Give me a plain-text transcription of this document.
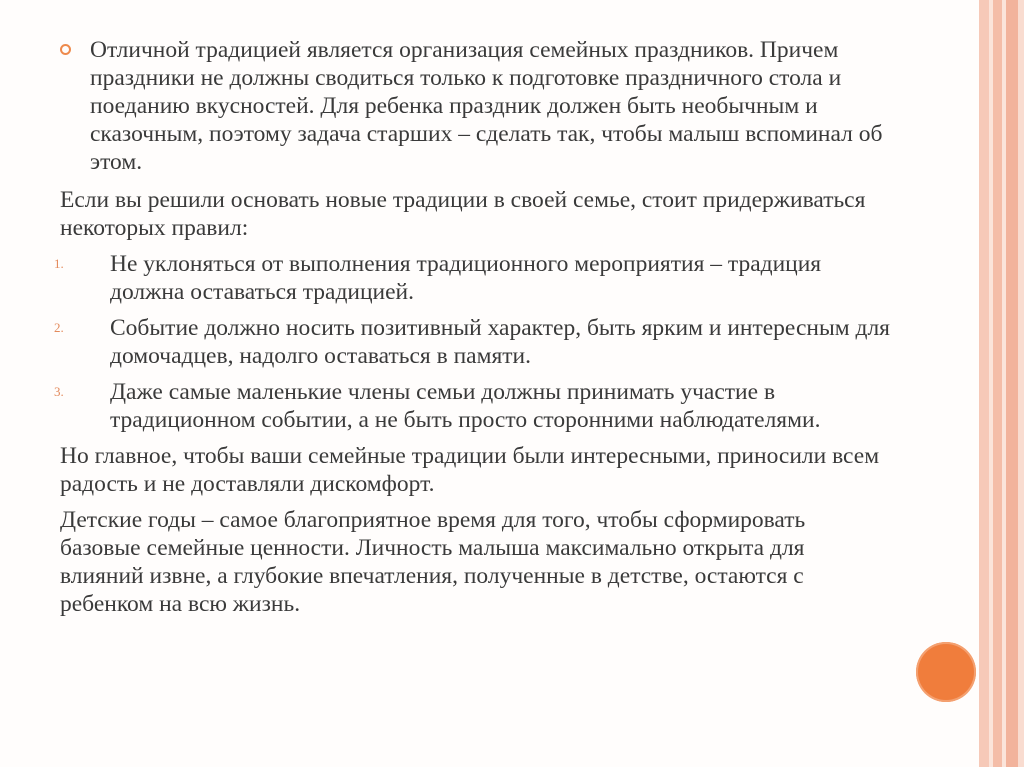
Отличной традицией является организация семейных праздников. Причем праздники не должны сводиться только к подготовке праздничного стола и поеданию вкусностей. Для ребенка праздник должен быть необычным и сказочным, поэтому задача старших – сделать так, чтобы малыш вспоминал об этом.

Если вы решили основать новые традиции в своей семье, стоит придерживаться некоторых правил:

1. Не уклоняться от выполнения традиционного мероприятия – традиция должна оставаться традицией.
2. Событие должно носить позитивный характер, быть ярким и интересным для домочадцев, надолго оставаться в памяти.
3. Даже самые маленькие члены семьи должны принимать участие в традиционном событии, а не быть просто сторонними наблюдателями.

Но главное, чтобы ваши семейные традиции были интересными, приносили всем радость и не доставляли дискомфорт.

Детские годы – самое благоприятное время для того, чтобы сформировать базовые семейные ценности. Личность малыша максимально открыта для влияний извне, а глубокие впечатления, полученные в детстве, остаются с ребенком на всю жизнь.
